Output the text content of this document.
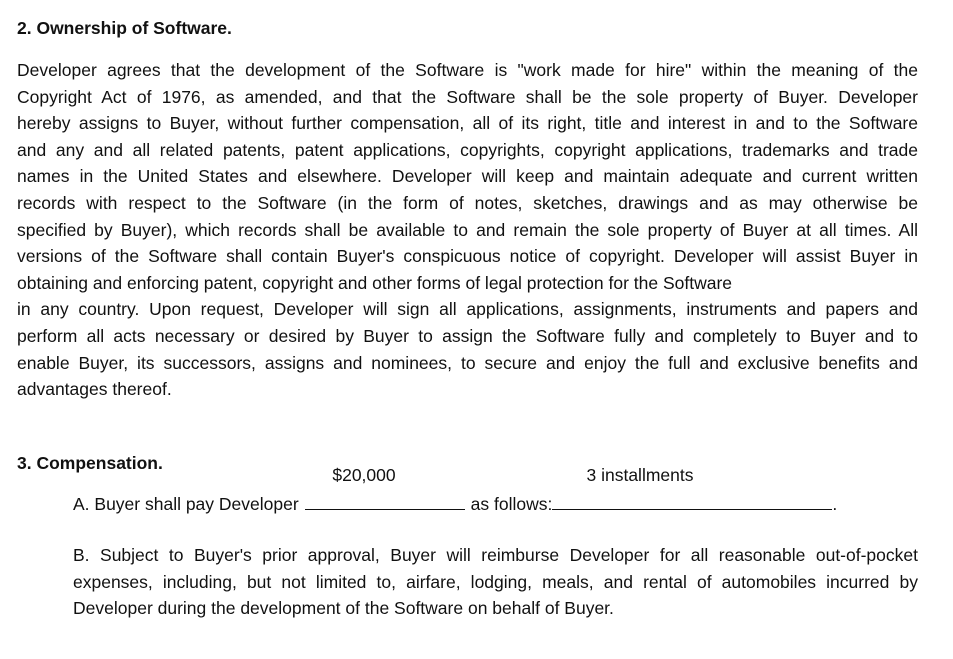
2. Ownership of Software.
Developer agrees that the development of the Software is "work made for hire" within the meaning of the
Copyright Act of 1976, as amended, and that the Software shall be the sole property of Buyer. Developer
hereby assigns to Buyer, without further compensation, all of its right, title and interest in and to the Software
and any and all related patents, patent applications, copyrights, copyright applications, trademarks and trade
names in the United States and elsewhere. Developer will keep and maintain adequate and current written
records with respect to the Software (in the form of notes, sketches, drawings and as may otherwise be
specified by Buyer), which records shall be available to and remain the sole property of Buyer at all times. All
versions of the Software shall contain Buyer's conspicuous notice of copyright. Developer will assist Buyer in
obtaining and enforcing patent, copyright and other forms of legal protection for the Software
in any country. Upon request, Developer will sign all applications, assignments, instruments and papers and
perform all acts necessary or desired by Buyer to assign the Software fully and completely to Buyer and to
enable Buyer, its successors, assigns and nominees, to secure and enjoy the full and exclusive benefits and
advantages thereof.
3. Compensation.
$20,000	3 installments
A. Buyer shall pay Developer	as follows:	.
B. Subject to Buyer's prior approval, Buyer will reimburse Developer for all reasonable out-of-pocket
expenses, including, but not limited to, airfare, lodging, meals, and rental of automobiles incurred by
Developer during the development of the Software on behalf of Buyer.
